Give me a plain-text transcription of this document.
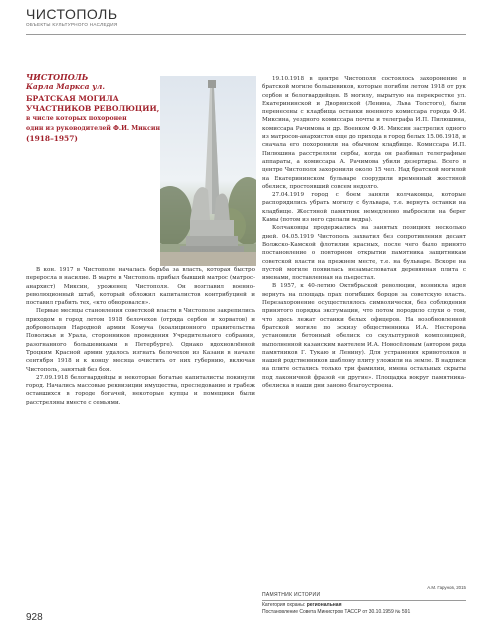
ЧИСТОПОЛЬ
ОБЪЕКТЫ КУЛЬТУРНОГО НАСЛЕДИЯ
ЧИСТОПОЛЬ
Карла Маркса ул.
БРАТСКАЯ МОГИЛА
УЧАСТНИКОВ РЕВОЛЮЦИИ,
в числе которых похоронен
один из руководителей Ф.И. Миксин
(1918–1957)

В кон. 1917 в Чистополе началась борьба за власть, которая быстро переросла в насилие. В марте в Чистополь прибыл бывший матрос (матрос-анархист) Миксин, уроженец Чистополя. Он возглавил военно-революционный штаб, который обложил капиталистов контрибуцией и поставил грабить тех, «кто обворовался».

Первые месяцы становления советской власти в Чистополе закрепились приходом в город летом 1918 белочехов (отряда сербов и хорватов) и добровольцев Народной армии Комуча (коалиционного правительства Поволжья и Урала, сторонников проведения Учредительного собрания, разогнанного большевиками в Петербурге). Однако вдохновлённой Троцким Красной армии удалось изгнать белочехов из Казани в начале сентября 1918 и к концу месяца очистить от них губернию, включая Чистополь, занятый без боя.

27.09.1918 белогвардейцы и некоторые богатые капиталисты покинули город. Начались массовые реквизиции имущества, преследование и грабеж оставшихся в городе богачей, некоторые купцы и помещики были расстреляны вместе с семьями.

19.10.1918 в центре Чистополя состоялось захоронение в братской могиле большевиков, которые погибли летом 1918 от рук сербов и белогвардейцев. В могилу, вырытую на перекрестке ул. Екатерининской и Дворянской (Ленина, Льва Толстого), были перенесены с кладбища останки военного комиссара города Ф.И. Миксина, уездного комиссара почты и телеграфа И.П. Пилюшина, комиссара Рачимова и др. Военком Ф.И. Миксин застрелил одного из матросов-анархистов еще до прихода в город белых 15.06.1918, и сначала его похоронили на обычном кладбище. Комиссара И.П. Пилюшина расстреляли сербы, когда он разбивал телеграфные аппараты, а комиссара А. Рачимова убили дезертиры. Всего в центре Чистополя захоронили около 15 чел. Над братской могилой на Екатерининском бульваре соорудили временный жестяной обелиск, простоявший совсем недолго.

27.04.1919 город с боем заняли колчаковцы, которые распорядились убрать могилу с бульвара, т.е. вернуть останки на кладбище. Жестяной памятник немедленно выбросили на берег Камы (потом из него сделали ведра).

Колчаковцы продержались на занятых позициях несколько дней. 04.05.1919 Чистополь захватил без сопротивления десант Волжско-Камской флотилии красных, после чего было принято постановление о повторном открытии памятника защитникам советской власти на прежнем месте, т.е. на бульваре. Вскоре на пустой могиле появилась незамысловатая деревянная плита с именами, поставленная на пьедестал.

В 1957, к 40-летию Октябрьской революции, возникла идея вернуть на площадь прах погибших борцов за советскую власть. Перезахоронение осуществлялось символически, без соблюдения принятого порядка эксгумации, что потом породило слухи о том, что здесь лежат останки белых офицеров. На возобновленной братской могиле по эскизу общественника И.А. Нестерова установили бетонный обелиск со скульптурной композицией, выполненной казанским ваятелем И.А. Новосёловым (автором ряда памятников Г. Тукаю и Ленину). Для устранения кривотолков в нашей родственников шаблону плиту уложили на земле. В надписи на плите остались только три фамилии, имена остальных скрыты под лаконичной фразой «и другие». Площадка вокруг памятника-обелиска в наши дни заново благоустроена.

А.М. Гарунов, 2015
ПАМЯТНИК ИСТОРИИ
Категория охраны: региональная
Постановление Совета Министров ТАССР от 30.10.1959 № 591
928
